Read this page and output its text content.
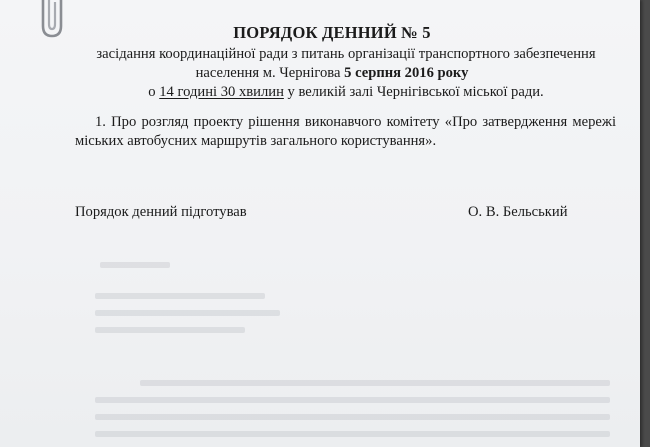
ПОРЯДОК ДЕННИЙ № 5
засідання координаційної ради з питань організації транспортного забезпечення
населення м. Чернігова 5 серпня 2016 року
о 14 годині 30 хвилин у великій залі Чернігівської міської ради.
1. Про розгляд проекту рішення виконавчого комітету «Про затвердження мережі міських автобусних маршрутів загального користування».
Порядок денний підготував	О. В. Бельський
